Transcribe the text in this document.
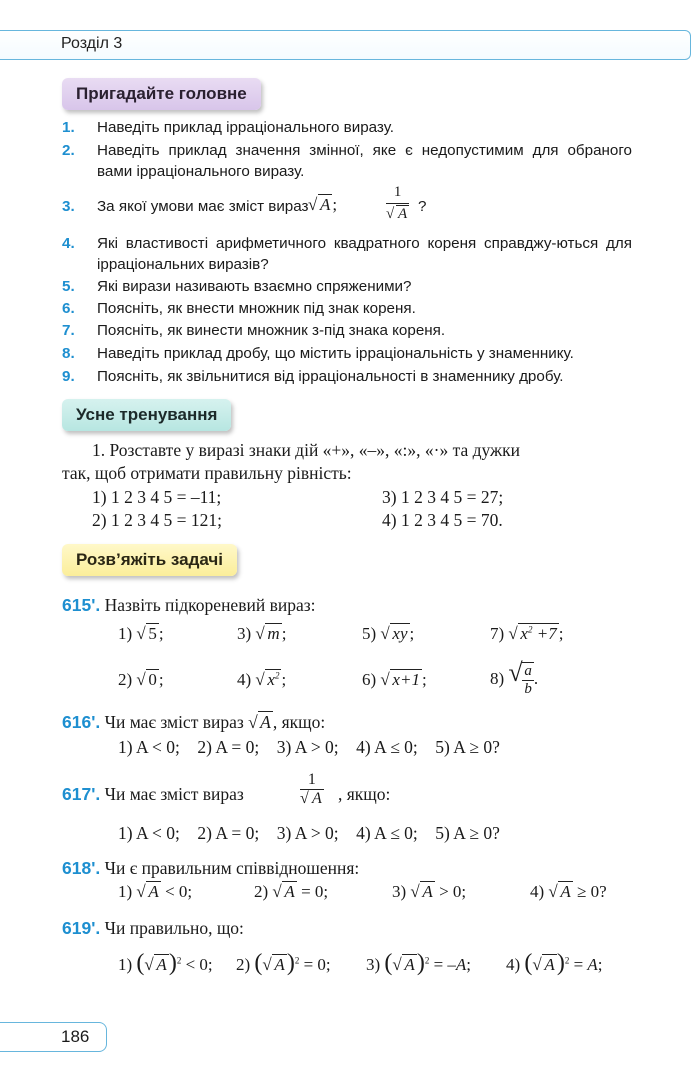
Розділ 3
Пригадайте головне
1. Наведіть приклад ірраціонального виразу.
2. Наведіть приклад значення змінної, яке є недопустимим для обраного вами ірраціонального виразу.
3. За якої умови має зміст вираз √ A ;	$\frac{1}{√ A}$ ?
4. Які властивості арифметичного квадратного кореня справджу-ються для ірраціональних виразів?
5. Які вирази називають взаємно спряженими?
6. Поясніть, як внести множник під знак кореня.
7. Поясніть, як винести множник з-під знака кореня.
8. Наведіть приклад дробу, що містить ірраціональність у знаменнику.
9. Поясніть, як звільнитися від ірраціональності в знаменнику дробу.
Усне тренування
1. Розставте у виразі знаки дій «+», «–», «:», «·» та дужки
так, щоб отримати правильну рівність:
1) 1 2 3 4 5 = –11;	3) 1 2 3 4 5 = 27;
2) 1 2 3 4 5 = 121;	4) 1 2 3 4 5 = 70.
Розв’яжіть задачі
615'. Назвіть підкореневий вираз:
1) √ 5 ;	3) √ m ;	5) √ xy ;	7) √ $x^2 +7$ ;
2) √ 0 ;	4) √ $x^2$ ;	6) √ x+1 ;	8) √ $\frac{a}{b}$ .
616'. Чи має зміст вираз √ A , якщо:
1) A < 0;    2) A = 0;    3) A > 0;    4) A ≤ 0;    5) A ≥ 0?
617'. Чи має зміст вираз	$\frac{1}{√ A}$ , якщо:
1) A < 0;    2) A = 0;    3) A > 0;    4) A ≤ 0;    5) A ≥ 0?
618'. Чи є правильним співвідношення:
1) √ A < 0;	2) √ A = 0;	3) √ A > 0;	4) √ A ≥ 0?
619'. Чи правильно, що:
1) ( √ A)$^2$ < 0; 2) ( √ A)$^2$ = 0; 3) ( √ A)$^2$ = –A; 4) ( √ A)$^2$ = A;
186
